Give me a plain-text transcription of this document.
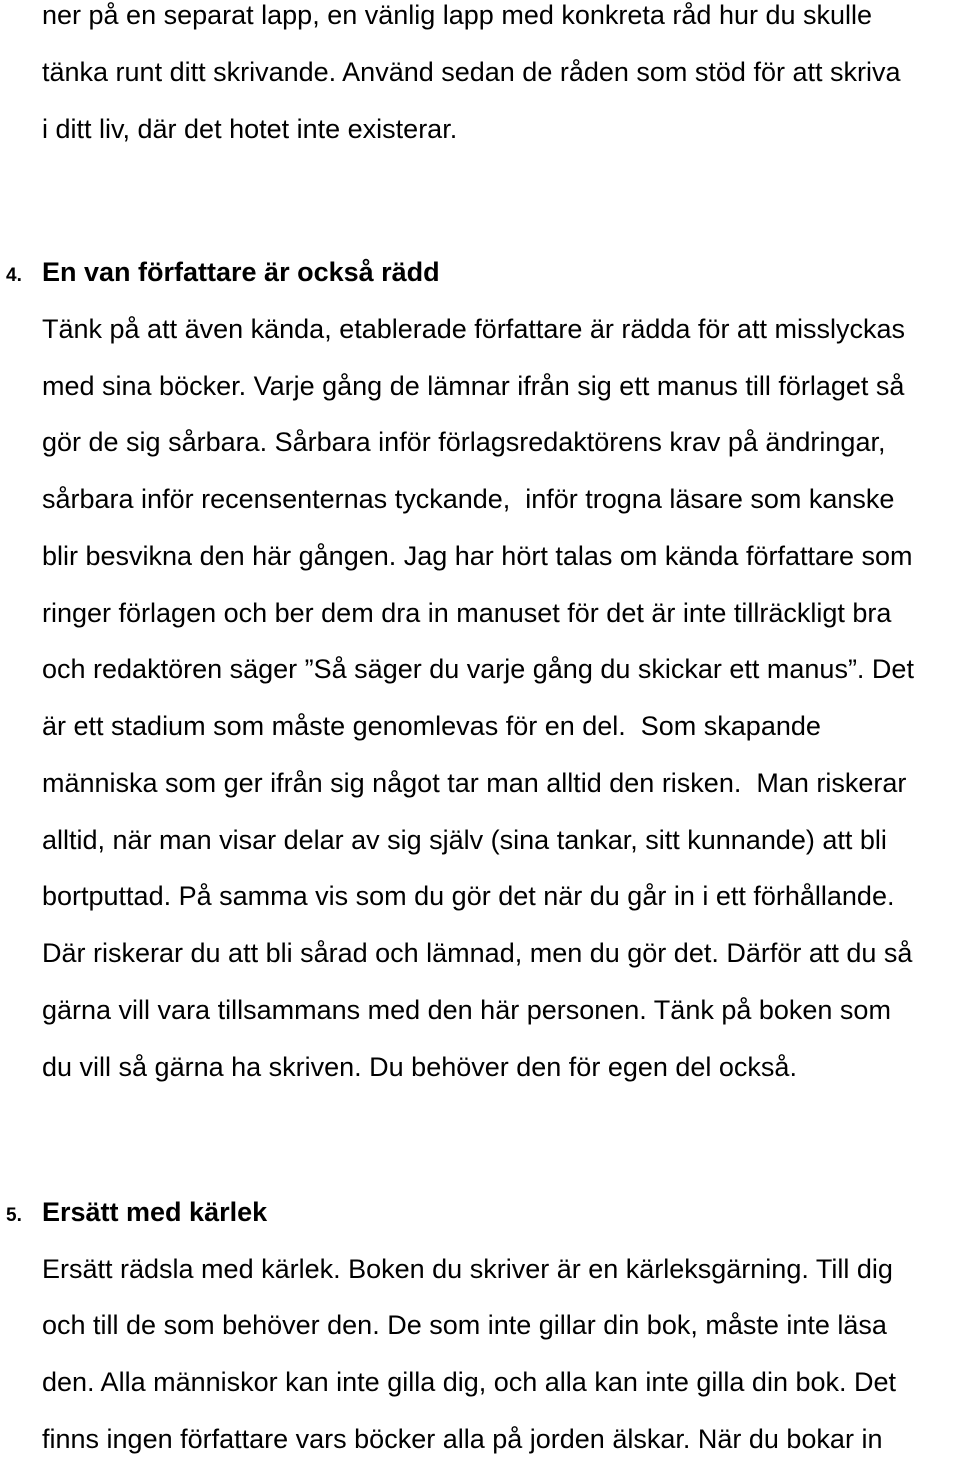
ner på en separat lapp, en vänlig lapp med konkreta råd hur du skulle
tänka runt ditt skrivande. Använd sedan de råden som stöd för att skriva
i ditt liv, där det hotet inte existerar.
4. En van författare är också rädd
Tänk på att även kända, etablerade författare är rädda för att misslyckas
med sina böcker. Varje gång de lämnar ifrån sig ett manus till förlaget så
gör de sig sårbara. Sårbara inför förlagsredaktörens krav på ändringar,
sårbara inför recensenternas tyckande,  inför trogna läsare som kanske
blir besvikna den här gången. Jag har hört talas om kända författare som
ringer förlagen och ber dem dra in manuset för det är inte tillräckligt bra
och redaktören säger ”Så säger du varje gång du skickar ett manus”. Det
är ett stadium som måste genomlevas för en del.  Som skapande
människa som ger ifrån sig något tar man alltid den risken.  Man riskerar
alltid, när man visar delar av sig själv (sina tankar, sitt kunnande) att bli
bortputtad. På samma vis som du gör det när du går in i ett förhållande.
Där riskerar du att bli sårad och lämnad, men du gör det. Därför att du så
gärna vill vara tillsammans med den här personen. Tänk på boken som
du vill så gärna ha skriven. Du behöver den för egen del också.
5. Ersätt med kärlek
Ersätt rädsla med kärlek. Boken du skriver är en kärleksgärning. Till dig
och till de som behöver den. De som inte gillar din bok, måste inte läsa
den. Alla människor kan inte gilla dig, och alla kan inte gilla din bok. Det
finns ingen författare vars böcker alla på jorden älskar. När du bokar in
